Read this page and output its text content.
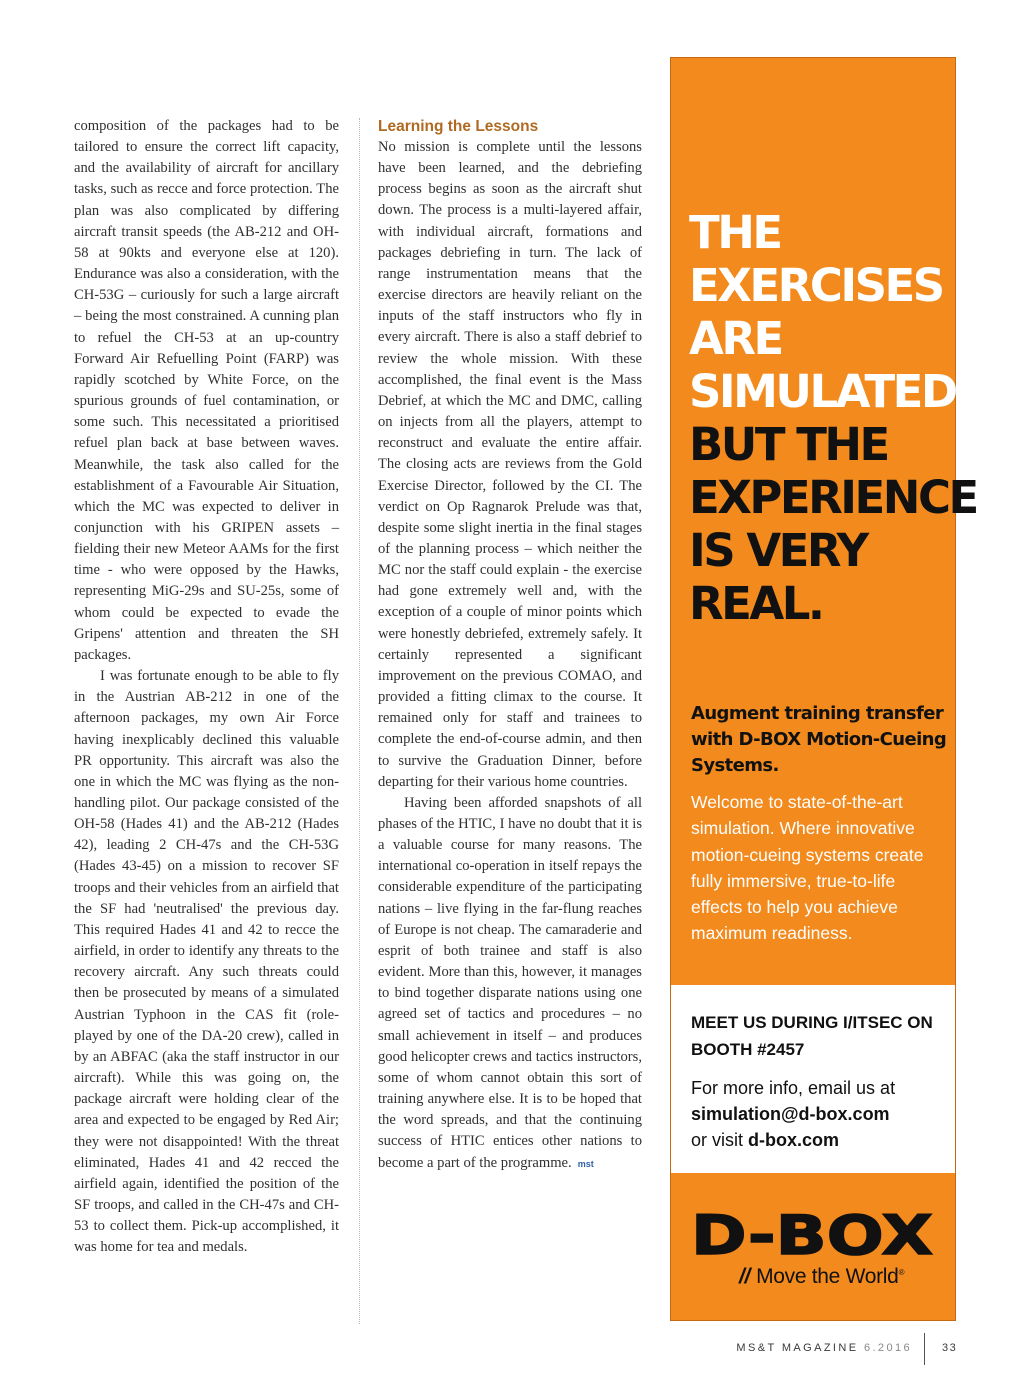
composition of the packages had to be tailored to ensure the correct lift capacity, and the availability of aircraft for ancillary tasks, such as recce and force protection. The plan was also complicated by differing aircraft transit speeds (the AB-212 and OH-58 at 90kts and everyone else at 120). Endurance was also a consideration, with the CH-53G – curiously for such a large aircraft – being the most constrained. A cunning plan to refuel the CH-53 at an up-country Forward Air Refuelling Point (FARP) was rapidly scotched by White Force, on the spurious grounds of fuel contamination, or some such. This necessitated a prioritised refuel plan back at base between waves. Meanwhile, the task also called for the establishment of a Favourable Air Situation, which the MC was expected to deliver in conjunction with his GRIPEN assets – fielding their new Meteor AAMs for the first time - who were opposed by the Hawks, representing MiG-29s and SU-25s, some of whom could be expected to evade the Gripens' attention and threaten the SH packages.

I was fortunate enough to be able to fly in the Austrian AB-212 in one of the afternoon packages, my own Air Force having inexplicably declined this valuable PR opportunity. This aircraft was also the one in which the MC was flying as the non-handling pilot. Our package consisted of the OH-58 (Hades 41) and the AB-212 (Hades 42), leading 2 CH-47s and the CH-53G (Hades 43-45) on a mission to recover SF troops and their vehicles from an airfield that the SF had 'neutralised' the previous day. This required Hades 41 and 42 to recce the airfield, in order to identify any threats to the recovery aircraft. Any such threats could then be prosecuted by means of a simulated Austrian Typhoon in the CAS fit (role-played by one of the DA-20 crew), called in by an ABFAC (aka the staff instructor in our aircraft). While this was going on, the package aircraft were holding clear of the area and expected to be engaged by Red Air; they were not disappointed! With the threat eliminated, Hades 41 and 42 recced the airfield again, identified the position of the SF troops, and called in the CH-47s and CH-53 to collect them. Pick-up accomplished, it was home for tea and medals.

Learning the Lessons

No mission is complete until the lessons have been learned, and the debriefing process begins as soon as the aircraft shut down. The process is a multi-layered affair, with individual aircraft, formations and packages debriefing in turn. The lack of range instrumentation means that the exercise directors are heavily reliant on the inputs of the staff instructors who fly in every aircraft. There is also a staff debrief to review the whole mission. With these accomplished, the final event is the Mass Debrief, at which the MC and DMC, calling on injects from all the players, attempt to reconstruct and evaluate the entire affair. The closing acts are reviews from the Gold Exercise Director, followed by the CI. The verdict on Op Ragnarok Prelude was that, despite some slight inertia in the final stages of the planning process – which neither the MC nor the staff could explain - the exercise had gone extremely well and, with the exception of a couple of minor points which were honestly debriefed, extremely safely. It certainly represented a significant improvement on the previous COMAO, and provided a fitting climax to the course. It remained only for staff and trainees to complete the end-of-course admin, and then to survive the Graduation Dinner, before departing for their various home countries.

Having been afforded snapshots of all phases of the HTIC, I have no doubt that it is a valuable course for many reasons. The international co-operation in itself repays the considerable expenditure of the participating nations – live flying in the far-flung reaches of Europe is not cheap. The camaraderie and esprit of both trainee and staff is also evident. More than this, however, it manages to bind together disparate nations using one agreed set of tactics and procedures – no small achievement in itself – and produces good helicopter crews and tactics instructors, some of whom cannot obtain this sort of training anywhere else. It is to be hoped that the word spreads, and that the continuing success of HTIC entices other nations to become a part of the programme. mst

THE
EXERCISES
ARE
SIMULATED
BUT THE
EXPERIENCE
IS VERY
REAL.
Augment training transfer with D-BOX Motion-Cueing Systems.
Welcome to state-of-the-art simulation. Where innovative motion-cueing systems create fully immersive, true-to-life effects to help you achieve maximum readiness.
MEET US DURING I/ITSEC ON BOOTH #2457
For more info, email us at
simulation@d-box.com
or visit d-box.com
D-BOX
// Move the World®
MS&T MAGAZINE 6.2016	33
